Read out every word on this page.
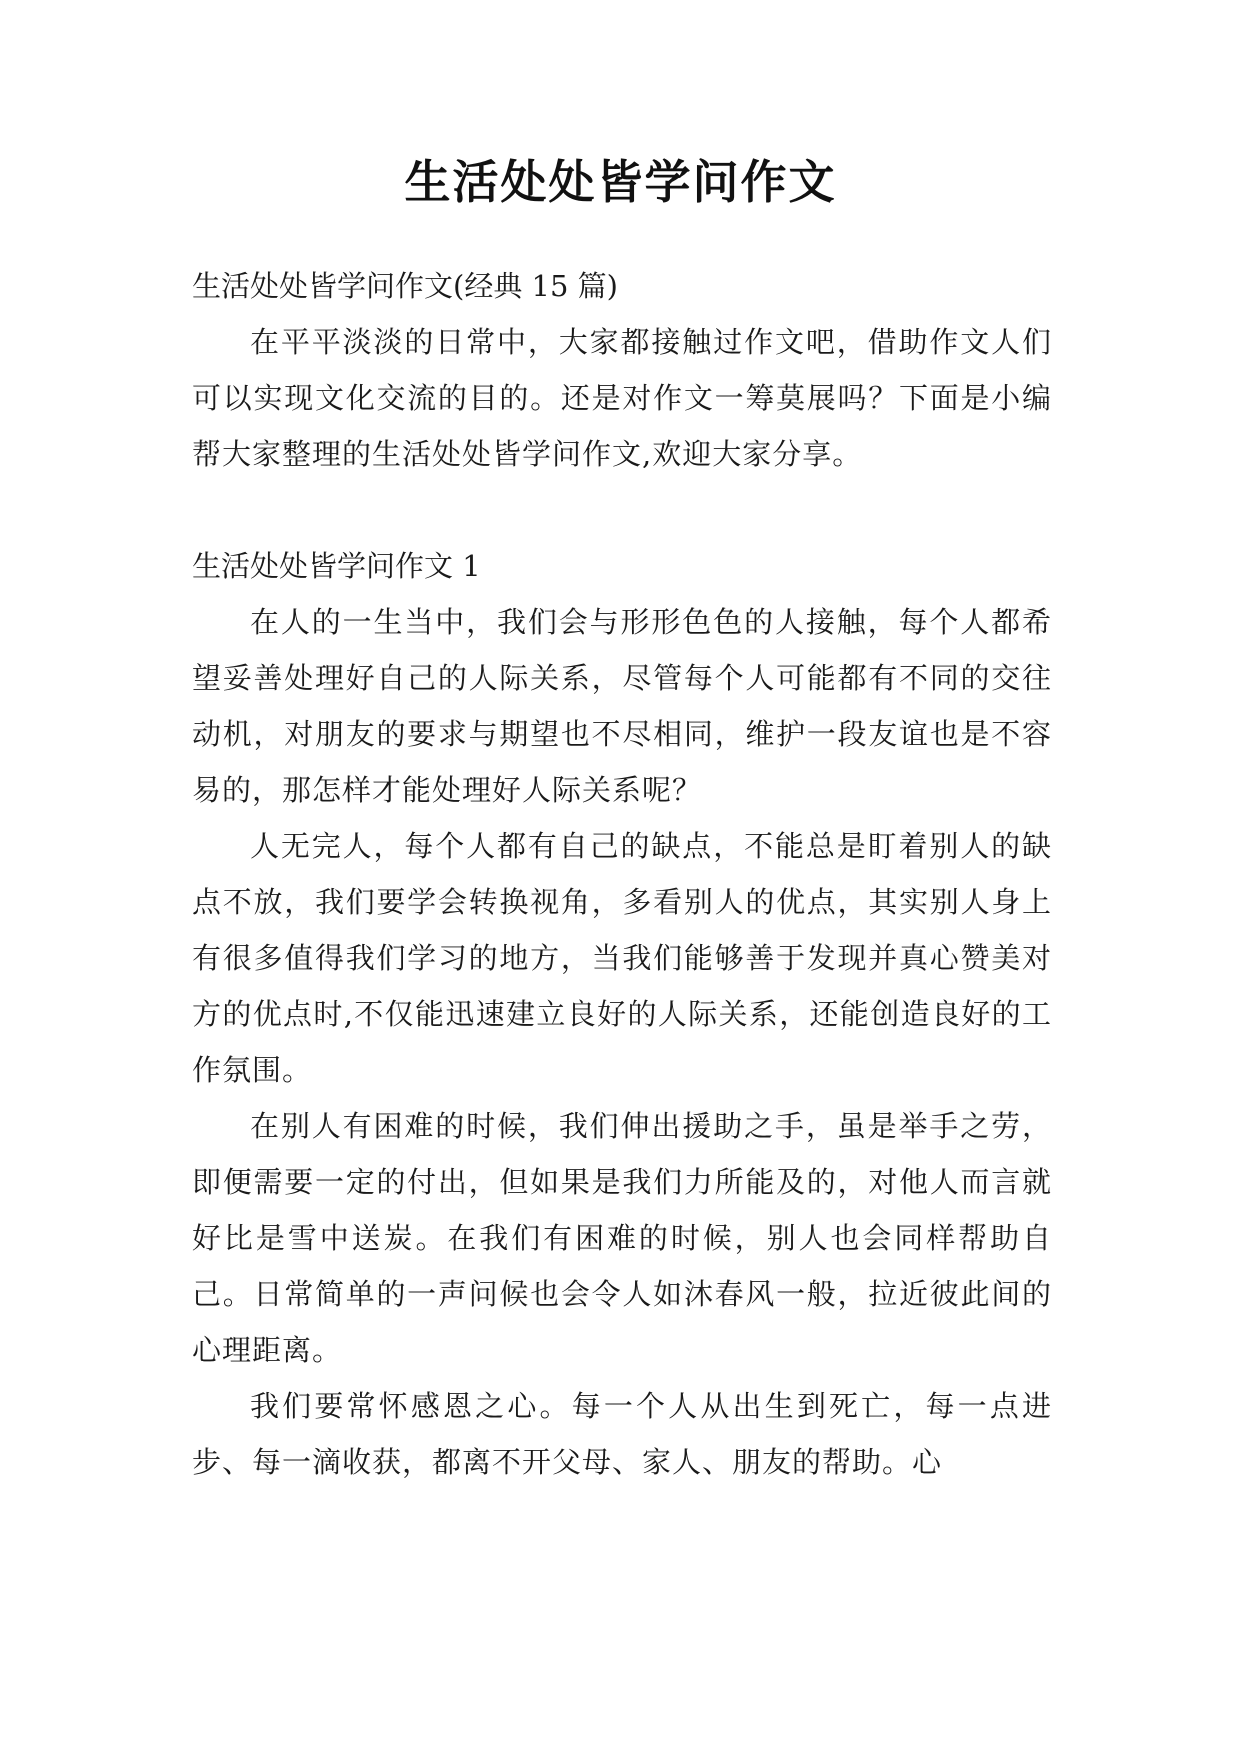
生活处处皆学问作文

生活处处皆学问作文(经典 15 篇)

在平平淡淡的日常中，大家都接触过作文吧，借助作文人们可以实现文化交流的目的。还是对作文一筹莫展吗？下面是小编帮大家整理的生活处处皆学问作文,欢迎大家分享。

生活处处皆学问作文 1

在人的一生当中，我们会与形形色色的人接触，每个人都希望妥善处理好自己的人际关系，尽管每个人可能都有不同的交往动机，对朋友的要求与期望也不尽相同，维护一段友谊也是不容易的，那怎样才能处理好人际关系呢？

人无完人，每个人都有自己的缺点，不能总是盯着别人的缺点不放，我们要学会转换视角，多看别人的优点，其实别人身上有很多值得我们学习的地方，当我们能够善于发现并真心赞美对方的优点时,不仅能迅速建立良好的人际关系，还能创造良好的工作氛围。

在别人有困难的时候，我们伸出援助之手，虽是举手之劳，即便需要一定的付出，但如果是我们力所能及的，对他人而言就好比是雪中送炭。在我们有困难的时候，别人也会同样帮助自己。日常简单的一声问候也会令人如沐春风一般，拉近彼此间的心理距离。

我们要常怀感恩之心。每一个人从出生到死亡，每一点进步、每一滴收获，都离不开父母、家人、朋友的帮助。心
